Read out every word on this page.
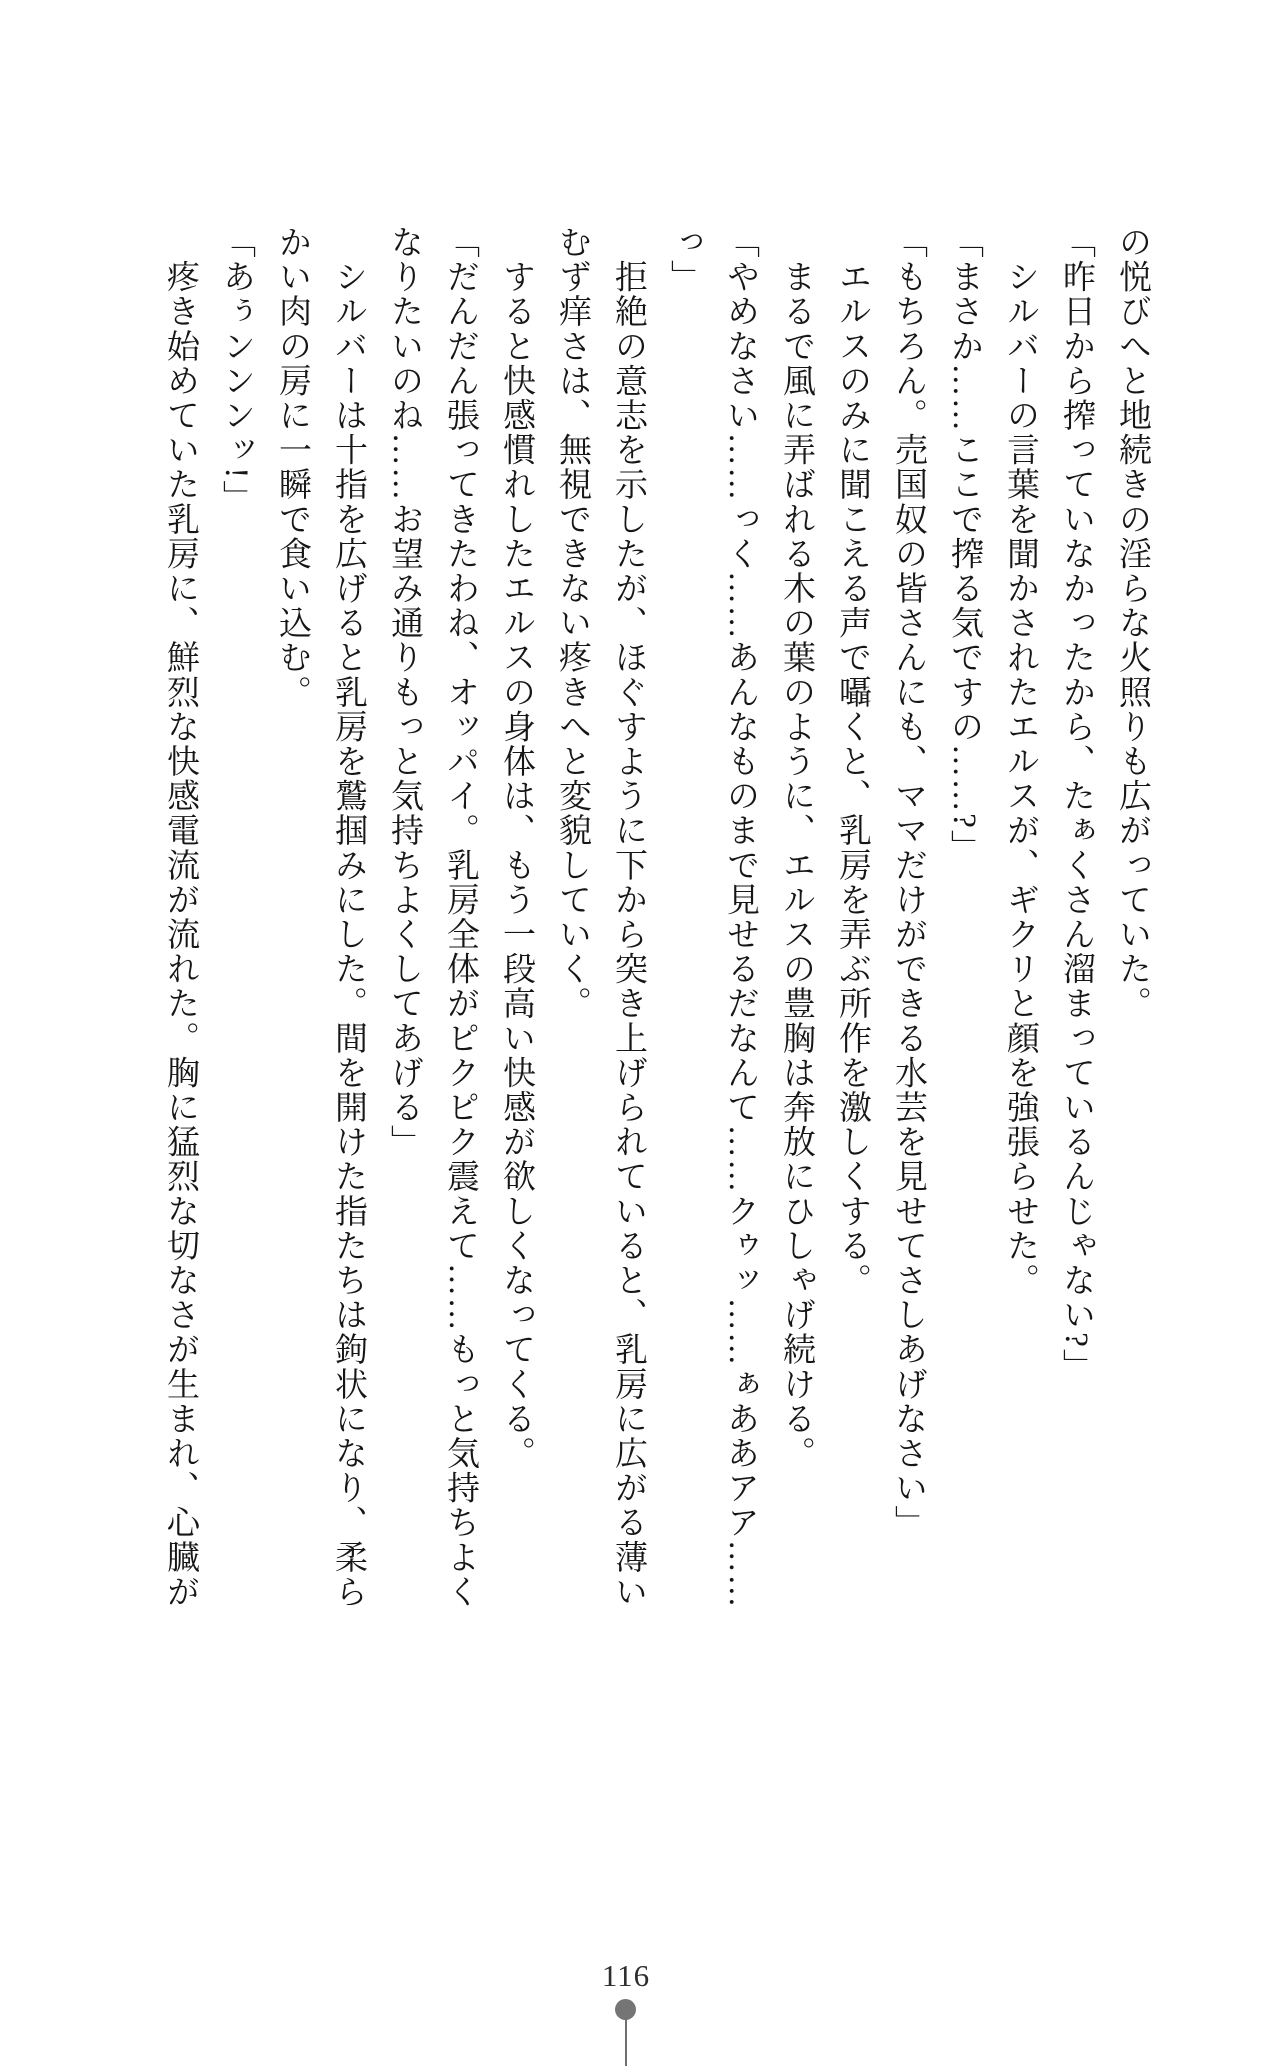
の悦びへと地続きの淫らな火照りも広がっていた。
「昨日から搾っていなかったから、たぁくさん溜まっているんじゃない?」
　シルバーの言葉を聞かされたエルスが、ギクリと顔を強張らせた。
「まさか……ここで搾る気ですの……?」
「もちろん。売国奴の皆さんにも、ママだけができる水芸を見せてさしあげなさい」
　エルスのみに聞こえる声で囁くと、乳房を弄ぶ所作を激しくする。
　まるで風に弄ばれる木の葉のように、エルスの豊胸は奔放にひしゃげ続ける。
「やめなさい……っく……あんなものまで見せるだなんて……クゥッ……ぁああアア……
っ」
　拒絶の意志を示したが、ほぐすように下から突き上げられていると、乳房に広がる薄い
むず痒さは、無視できない疼きへと変貌していく。
　すると快感慣れしたエルスの身体は、もう一段高い快感が欲しくなってくる。
「だんだん張ってきたわね、オッパイ。乳房全体がピクピク震えて……もっと気持ちよく
なりたいのね……お望み通りもっと気持ちよくしてあげる」
　シルバーは十指を広げると乳房を鷲掴みにした。間を開けた指たちは鉤状になり、柔ら
かい肉の房に一瞬で食い込む。
「あぅンンンッ!」
　疼き始めていた乳房に、鮮烈な快感電流が流れた。胸に猛烈な切なさが生まれ、心臓が
116
